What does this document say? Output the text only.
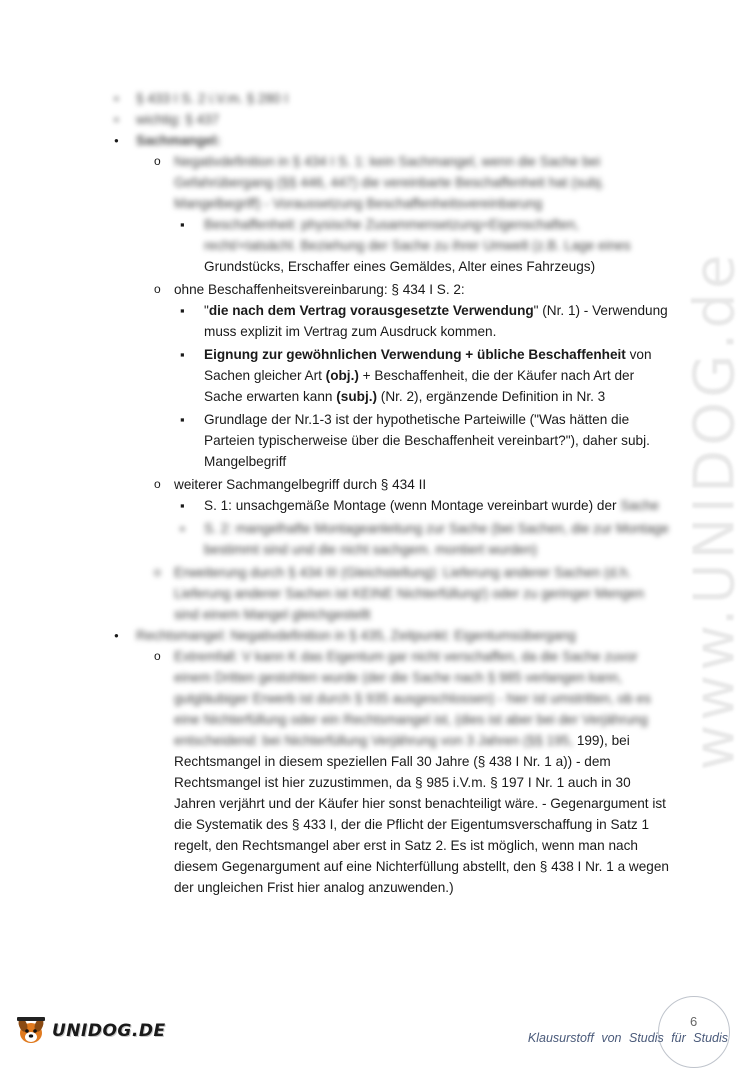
www.UNIDOG.de
● § 433 I S. 2 i.V.m. § 280 I
● wichtig: § 437
● Sachmangel:
o Negativdefinition in § 434 I S. 1: kein Sachmangel, wenn die Sache bei Gefahrübergang (§§ 446, 447) die vereinbarte Beschaffenheit hat (subj. Mangelbegriff) - Voraussetzung Beschaffenheitsvereinbarung
▪ Beschaffenheit: physische Zusammensetzung+Eigenschaften, recht/+tatsächl. Beziehung der Sache zu ihrer Umwelt (z.B. Lage eines Grundstücks, Erschaffer eines Gemäldes, Alter eines Fahrzeugs)
o ohne Beschaffenheitsvereinbarung: § 434 I S. 2:
▪ "die nach dem Vertrag vorausgesetzte Verwendung" (Nr. 1) - Verwendung muss explizit im Vertrag zum Ausdruck kommen.
▪ Eignung zur gewöhnlichen Verwendung + übliche Beschaffenheit von Sachen gleicher Art (obj.) + Beschaffenheit, die der Käufer nach Art der Sache erwarten kann (subj.) (Nr. 2), ergänzende Definition in Nr. 3
▪ Grundlage der Nr.1-3 ist der hypothetische Parteiwille ("Was hätten die Parteien typischerweise über die Beschaffenheit vereinbart?"), daher subj. Mangelbegriff
o weiterer Sachmangelbegriff durch § 434 II
▪ S. 1: unsachgemäße Montage (wenn Montage vereinbart wurde) der Sache
▪ S. 2: mangelhafte Montageanleitung zur Sache (bei Sachen, die zur Montage bestimmt sind und die nicht sachgem. montiert wurden)
o Erweiterung durch § 434 III (Gleichstellung): Lieferung anderer Sachen (d.h. Lieferung anderer Sachen ist KEINE Nichterfüllung!) oder zu geringer Mengen sind einem Mangel gleichgestellt
● Rechtsmangel: Negativdefinition in § 435, Zeitpunkt: Eigentumsübergang
o Extremfall: V kann K das Eigentum gar nicht verschaffen, da die Sache zuvor einem Dritten gestohlen wurde (der die Sache nach § 985 verlangen kann, gutgläubiger Erwerb ist durch § 935 ausgeschlossen) - hier ist umstritten, ob es eine Nichterfüllung oder ein Rechtsmangel ist, (dies ist aber bei der Verjährung entscheidend: bei Nichterfüllung Verjährung von 3 Jahren (§§ 195, 199), bei Rechtsmangel in diesem speziellen Fall 30 Jahre (§ 438 I Nr. 1 a)) - dem Rechtsmangel ist hier zuzustimmen, da § 985 i.V.m. § 197 I Nr. 1 auch in 30 Jahren verjährt und der Käufer hier sonst benachteiligt wäre. - Gegenargument ist die Systematik des § 433 I, der die Pflicht der Eigentumsverschaffung in Satz 1 regelt, den Rechtsmangel aber erst in Satz 2. Es ist möglich, wenn man nach diesem Gegenargument auf eine Nichterfüllung abstellt, den § 438 I Nr. 1 a wegen der ungleichen Frist hier analog anzuwenden.)
UNIDOG.DE	6
Klausurstoff von Studis für Studis
